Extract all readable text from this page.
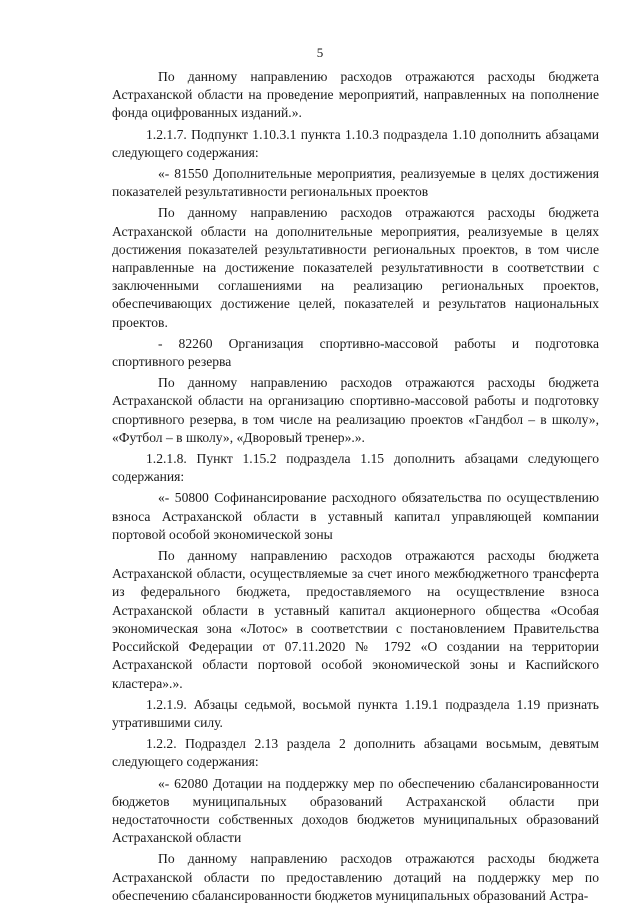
5

По данному направлению расходов отражаются расходы бюджета Астраханской области на проведение мероприятий, направленных на пополнение фонда оцифрованных изданий.».

1.2.1.7. Подпункт 1.10.3.1 пункта 1.10.3 подраздела 1.10 дополнить абзацами следующего содержания:

«- 81550 Дополнительные мероприятия, реализуемые в целях достижения показателей результативности региональных проектов

По данному направлению расходов отражаются расходы бюджета Астраханской области на дополнительные мероприятия, реализуемые в целях достижения показателей результативности региональных проектов, в том числе направленные на достижение показателей результативности в соответствии с заключенными соглашениями на реализацию региональных проектов, обеспечивающих достижение целей, показателей и результатов национальных проектов.

- 82260 Организация спортивно-массовой работы и подготовка спортивного резерва

По данному направлению расходов отражаются расходы бюджета Астраханской области на организацию спортивно-массовой работы и подготовку спортивного резерва, в том числе на реализацию проектов «Гандбол – в школу», «Футбол – в школу», «Дворовый тренер».».

1.2.1.8. Пункт 1.15.2 подраздела 1.15 дополнить абзацами следующего содержания:

«- 50800 Софинансирование расходного обязательства по осуществлению взноса Астраханской области в уставный капитал управляющей компании портовой особой экономической зоны

По данному направлению расходов отражаются расходы бюджета Астраханской области, осуществляемые за счет иного межбюджетного трансферта из федерального бюджета, предоставляемого на осуществление взноса Астраханской области в уставный капитал акционерного общества «Особая экономическая зона «Лотос» в соответствии с постановлением Правительства Российской Федерации от 07.11.2020 № 1792 «О создании на территории Астраханской области портовой особой экономической зоны и Каспийского кластера».».

1.2.1.9. Абзацы седьмой, восьмой пункта 1.19.1 подраздела 1.19 признать утратившими силу.

1.2.2. Подраздел 2.13 раздела 2 дополнить абзацами восьмым, девятым следующего содержания:

«- 62080 Дотации на поддержку мер по обеспечению сбалансированности бюджетов муниципальных образований Астраханской области при недостаточности собственных доходов бюджетов муниципальных образований Астраханской области

По данному направлению расходов отражаются расходы бюджета Астраханской области по предоставлению дотаций на поддержку мер по обеспечению сбалансированности бюджетов муниципальных образований Астра-
